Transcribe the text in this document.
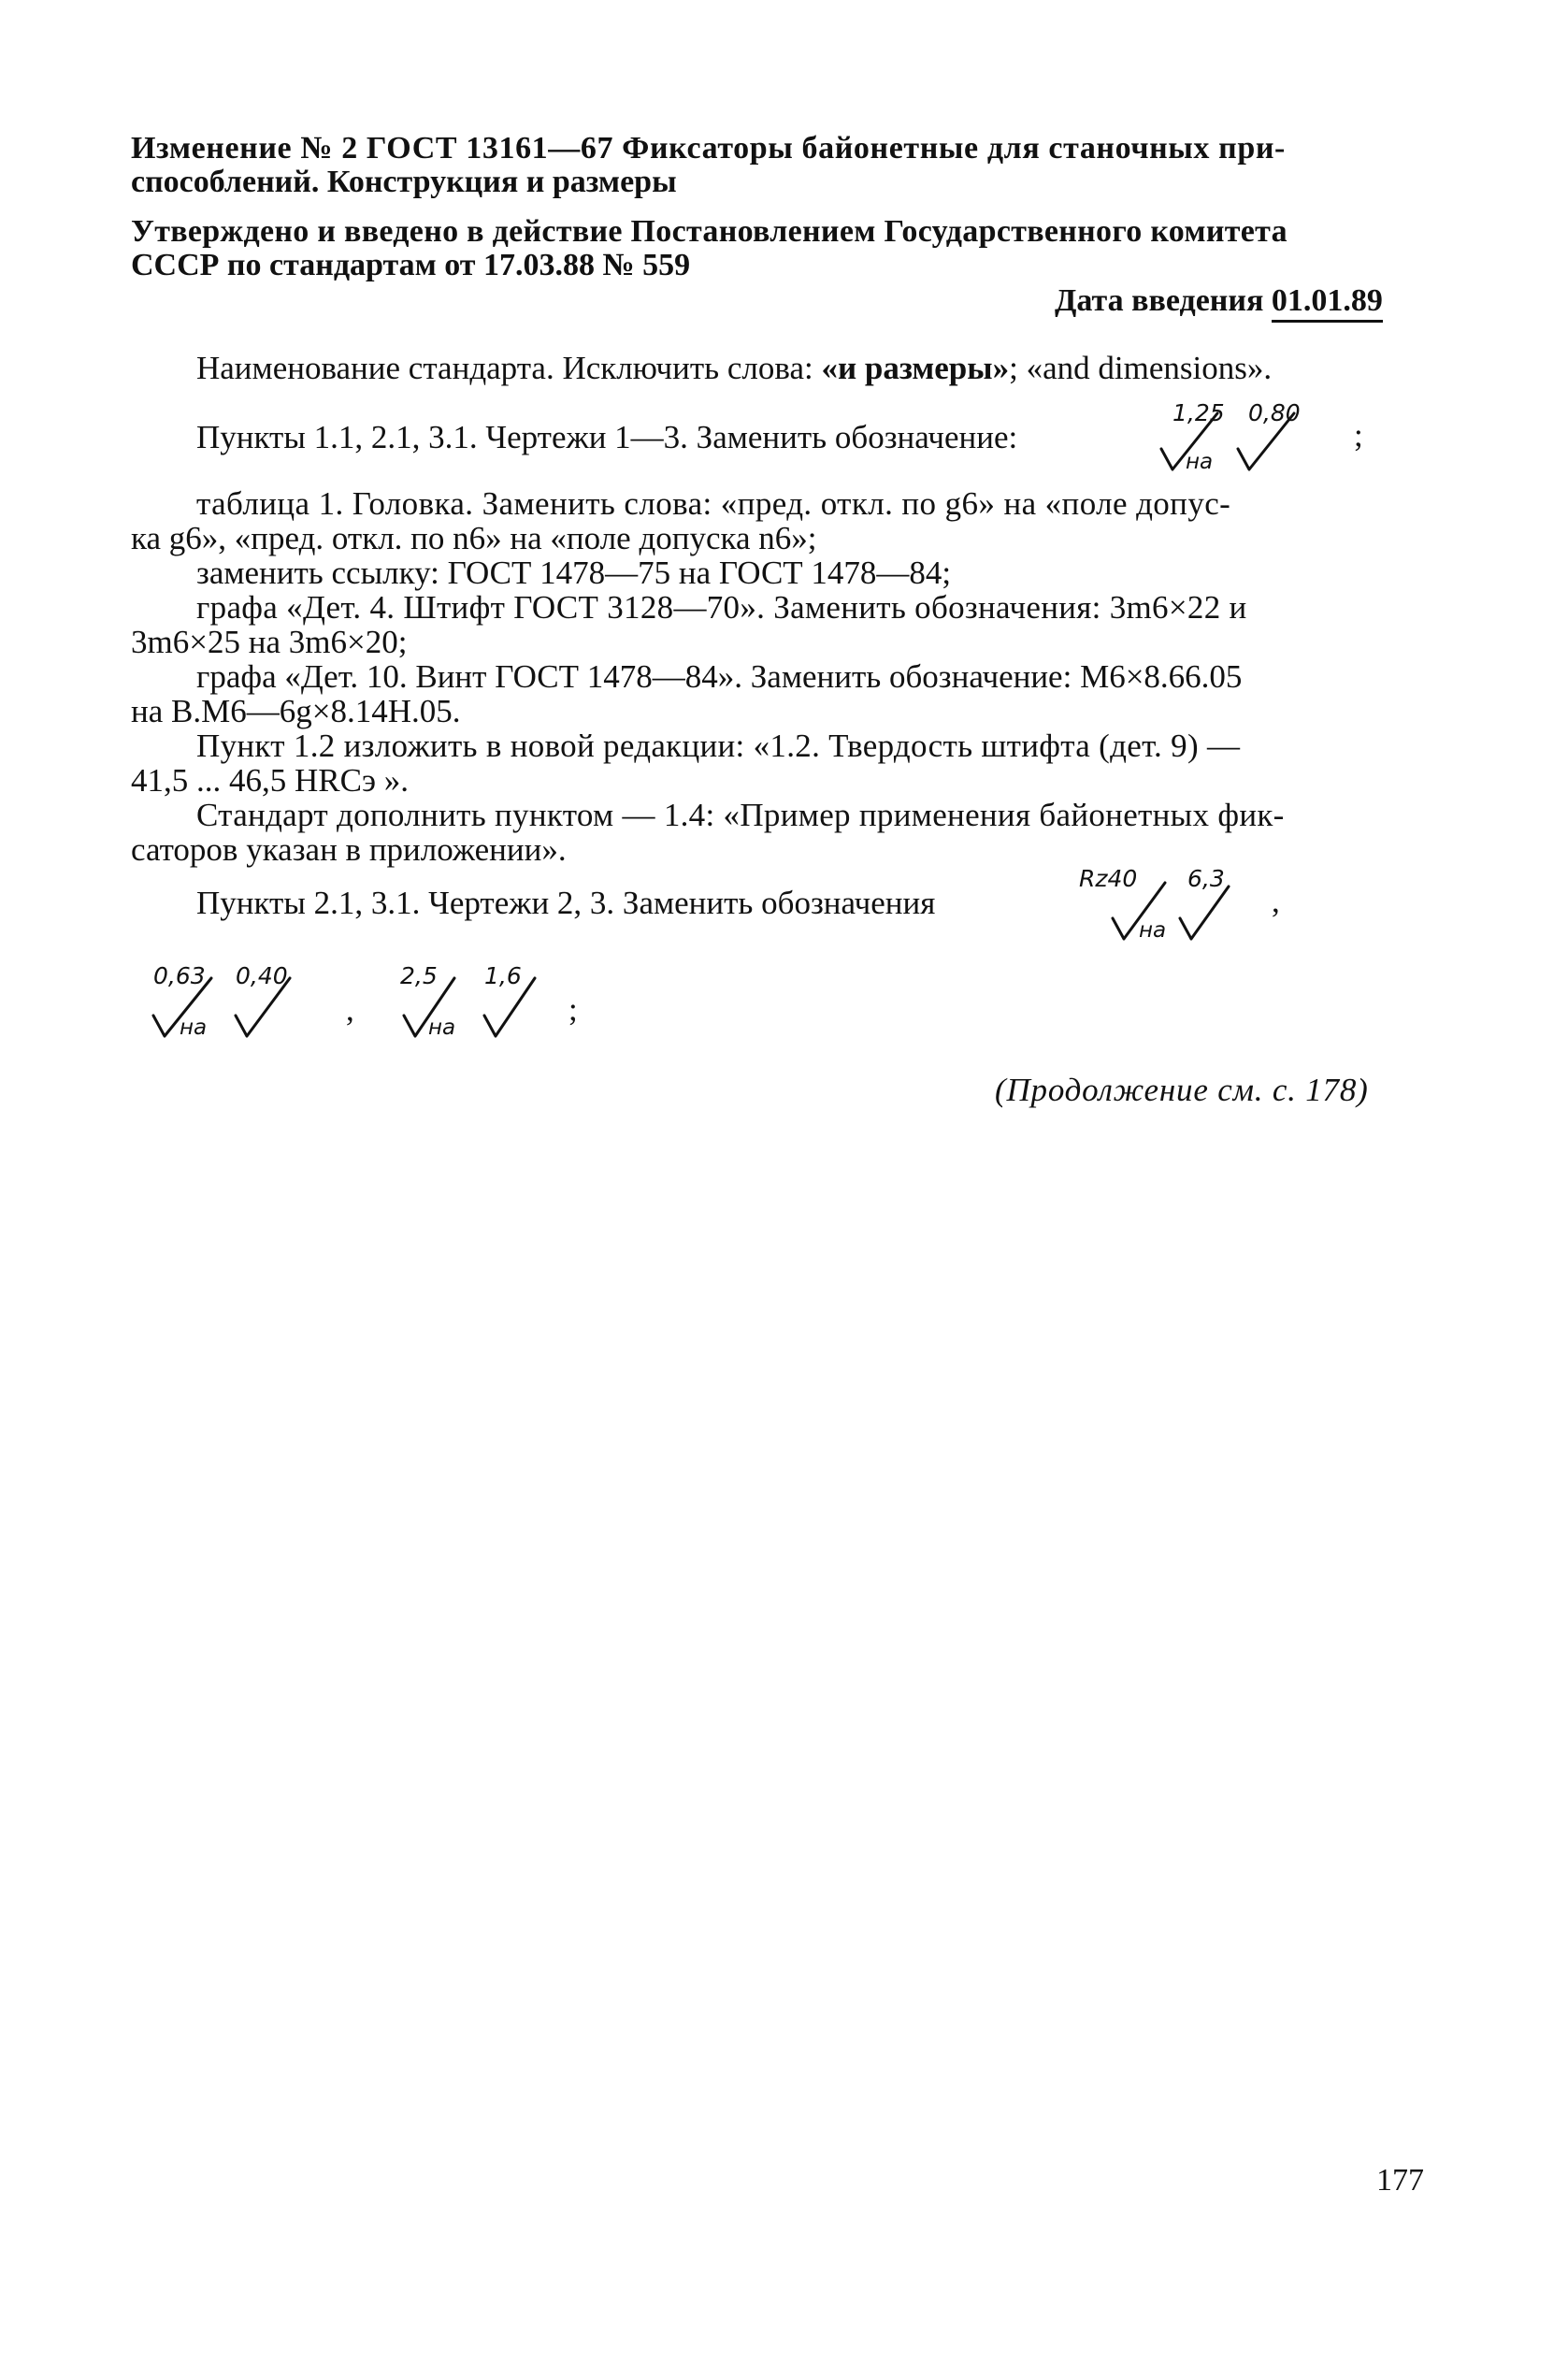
Изменение № 2 ГОСТ 13161—67 Фиксаторы байонетные для станочных при-
способлений. Конструкция и размеры
Утверждено и введено в действие Постановлением Государственного комитета
СССР по стандартам от 17.03.88 № 559
Дата введения 01.01.89
Наименование стандарта. Исключить слова: «и размеры»; «and dimensions».
Пункты 1.1, 2.1, 3.1. Чертежи 1—3. Заменить обозначение:
1,25 0,80
на
;
таблица 1. Головка. Заменить слова: «пред. откл. по g6» на «поле допус-
ка g6», «пред. откл. по n6» на «поле допуска n6»;
заменить ссылку: ГОСТ 1478—75 на ГОСТ 1478—84;
графа «Дет. 4. Штифт ГОСТ 3128—70». Заменить обозначения: 3m6×22 и
3m6×25 на 3m6×20;
графа «Дет. 10. Винт ГОСТ 1478—84». Заменить обозначение: М6×8.66.05
на В.М6—6g×8.14Н.05.
Пункт 1.2 изложить в новой редакции: «1.2. Твердость штифта (дет. 9) —
41,5 ... 46,5 HRCэ ».
Стандарт дополнить пунктом — 1.4: «Пример применения байонетных фик-
саторов указан в приложении».
Пункты 2.1, 3.1. Чертежи 2, 3. Заменить обозначения
Rz40 6,3
на
,
0,63 0,40
на	,
2,5 1,6
на	;
(Продолжение см. с. 178)
177
